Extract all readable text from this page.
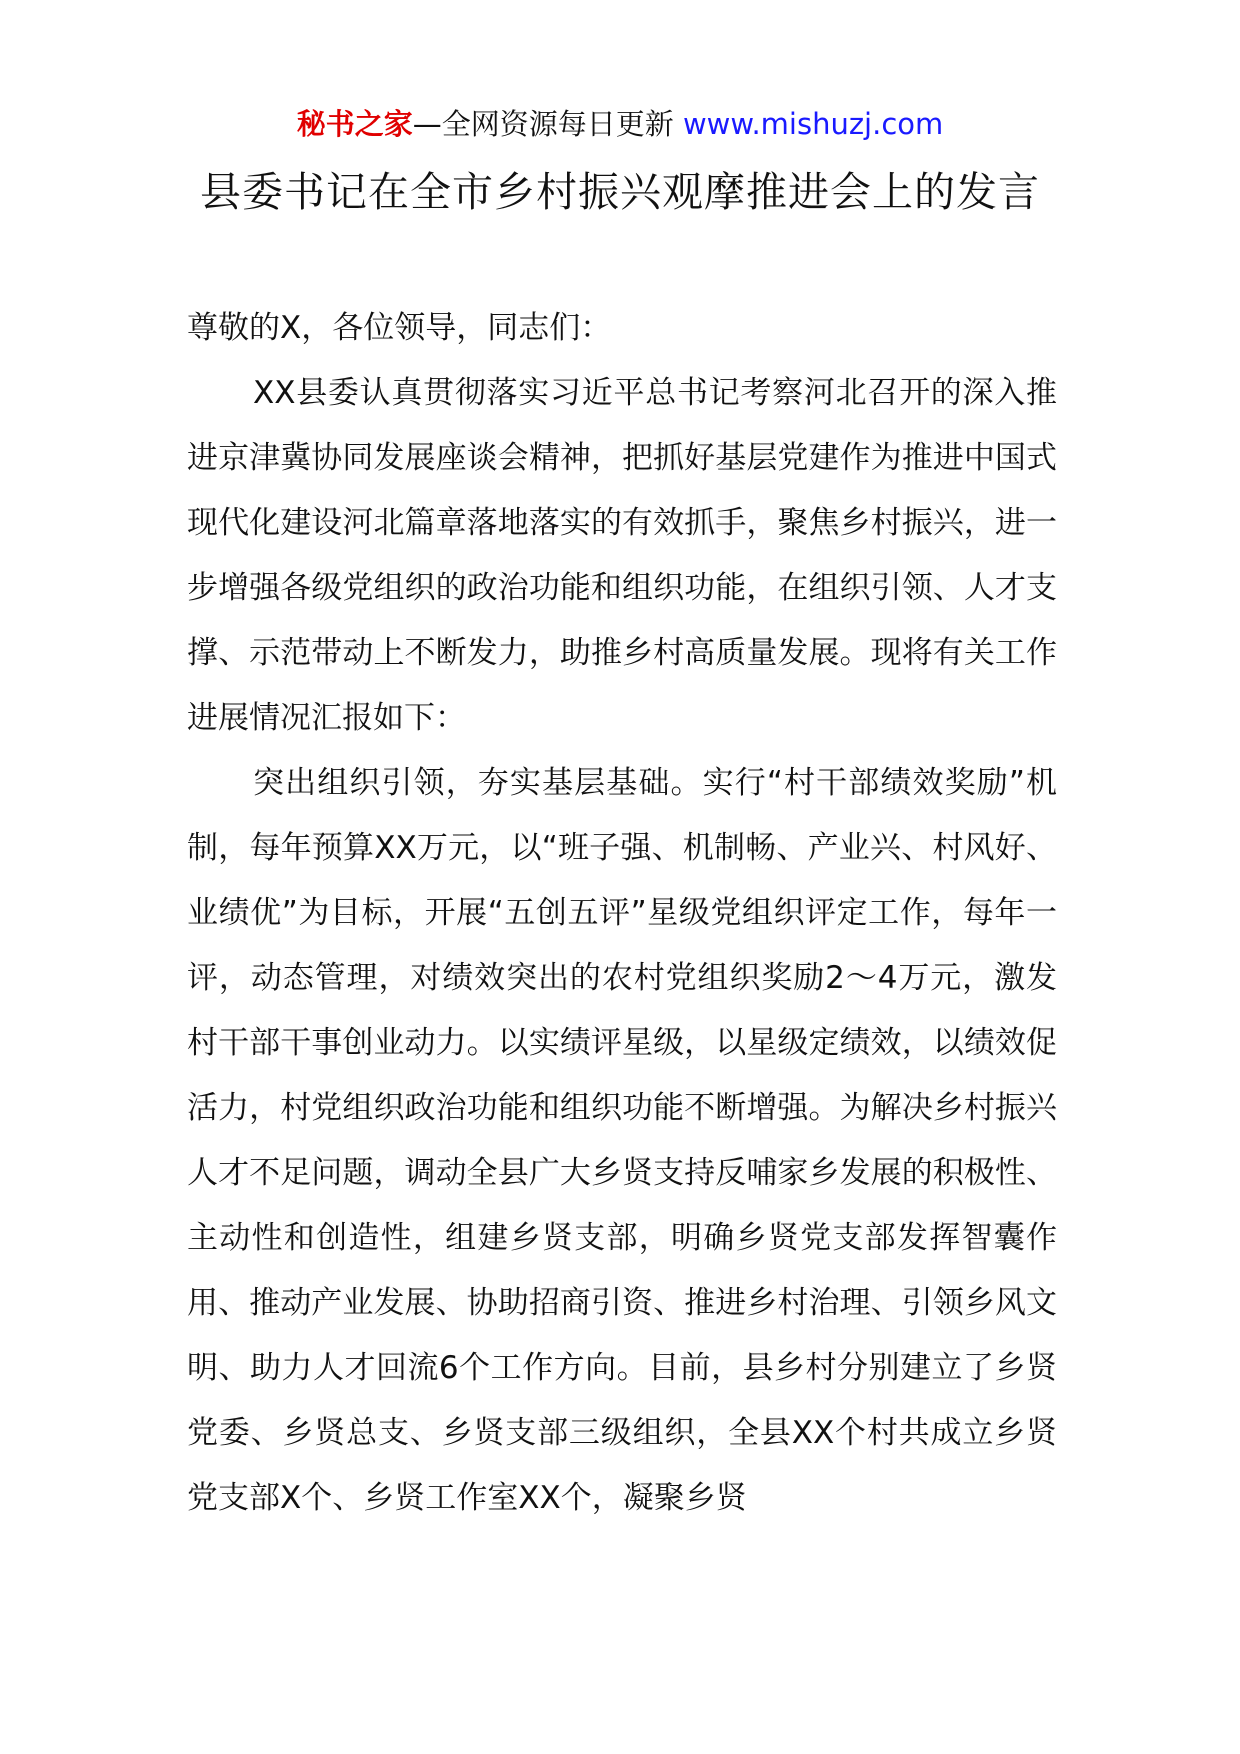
秘书之家—全网资源每日更新 www.mishuzj.com
县委书记在全市乡村振兴观摩推进会上的发言

尊敬的X，各位领导，同志们：

XX县委认真贯彻落实习近平总书记考察河北召开的深入推进京津冀协同发展座谈会精神，把抓好基层党建作为推进中国式现代化建设河北篇章落地落实的有效抓手，聚焦乡村振兴，进一步增强各级党组织的政治功能和组织功能，在组织引领、人才支撑、示范带动上不断发力，助推乡村高质量发展。现将有关工作进展情况汇报如下：

突出组织引领，夯实基层基础。实行“村干部绩效奖励”机制，每年预算XX万元，以“班子强、机制畅、产业兴、村风好、业绩优”为目标，开展“五创五评”星级党组织评定工作，每年一评，动态管理，对绩效突出的农村党组织奖励2～4万元，激发村干部干事创业动力。以实绩评星级，以星级定绩效，以绩效促活力，村党组织政治功能和组织功能不断增强。为解决乡村振兴人才不足问题，调动全县广大乡贤支持反哺家乡发展的积极性、主动性和创造性，组建乡贤支部，明确乡贤党支部发挥智囊作用、推动产业发展、协助招商引资、推进乡村治理、引领乡风文明、助力人才回流6个工作方向。目前，县乡村分别建立了乡贤党委、乡贤总支、乡贤支部三级组织，全县XX个村共成立乡贤党支部X个、乡贤工作室XX个，凝聚乡贤
